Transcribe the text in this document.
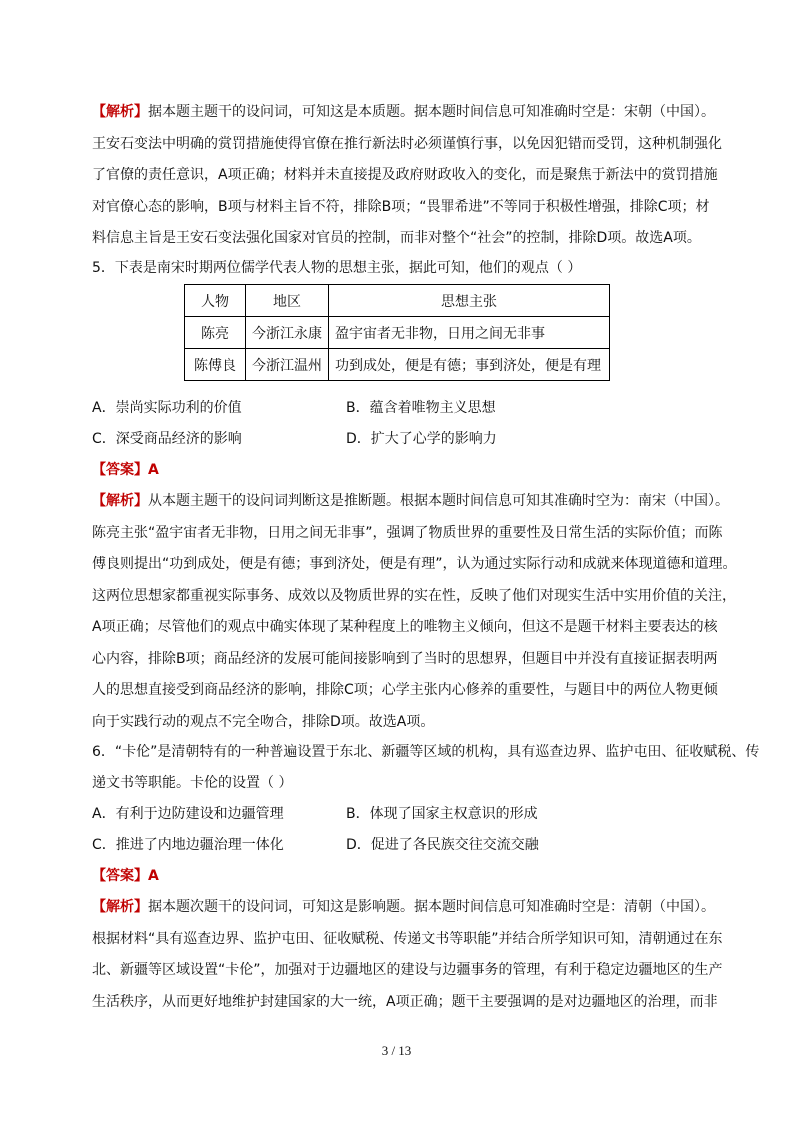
【解析】据本题主题干的设问词，可知这是本质题。据本题时间信息可知准确时空是：宋朝（中国）。
王安石变法中明确的赏罚措施使得官僚在推行新法时必须谨慎行事，以免因犯错而受罚，这种机制强化
了官僚的责任意识，A项正确；材料并未直接提及政府财政收入的变化，而是聚焦于新法中的赏罚措施
对官僚心态的影响，B项与材料主旨不符，排除B项；“畏罪希进”不等同于积极性增强，排除C项；材
料信息主旨是王安石变法强化国家对官员的控制，而非对整个“社会”的控制，排除D项。故选A项。
5．下表是南宋时期两位儒学代表人物的思想主张，据此可知，他们的观点（ ）
人物	地区	思想主张
陈亮	今浙江永康	盈宇宙者无非物，日用之间无非事
陈傅良	今浙江温州	功到成处，便是有德；事到济处，便是有理
A．崇尚实际功利的价值	B．蕴含着唯物主义思想
C．深受商品经济的影响	D．扩大了心学的影响力
【答案】A
【解析】从本题主题干的设问词判断这是推断题。根据本题时间信息可知其准确时空为：南宋（中国）。
陈亮主张“盈宇宙者无非物，日用之间无非事”，强调了物质世界的重要性及日常生活的实际价值；而陈
傅良则提出“功到成处，便是有德；事到济处，便是有理”，认为通过实际行动和成就来体现道德和道理。
这两位思想家都重视实际事务、成效以及物质世界的实在性，反映了他们对现实生活中实用价值的关注，
A项正确；尽管他们的观点中确实体现了某种程度上的唯物主义倾向，但这不是题干材料主要表达的核
心内容，排除B项；商品经济的发展可能间接影响到了当时的思想界，但题目中并没有直接证据表明两
人的思想直接受到商品经济的影响，排除C项；心学主张内心修养的重要性，与题目中的两位人物更倾
向于实践行动的观点不完全吻合，排除D项。故选A项。
6．“卡伦”是清朝特有的一种普遍设置于东北、新疆等区域的机构，具有巡查边界、监护屯田、征收赋税、传
递文书等职能。卡伦的设置（ ）
A．有利于边防建设和边疆管理	B．体现了国家主权意识的形成
C．推进了内地边疆治理一体化	D．促进了各民族交往交流交融
【答案】A
【解析】据本题次题干的设问词，可知这是影响题。据本题时间信息可知准确时空是：清朝（中国）。
根据材料“具有巡查边界、监护屯田、征收赋税、传递文书等职能”并结合所学知识可知，清朝通过在东
北、新疆等区域设置“卡伦”，加强对于边疆地区的建设与边疆事务的管理，有利于稳定边疆地区的生产
生活秩序，从而更好地维护封建国家的大一统，A项正确；题干主要强调的是对边疆地区的治理，而非
3 / 13
